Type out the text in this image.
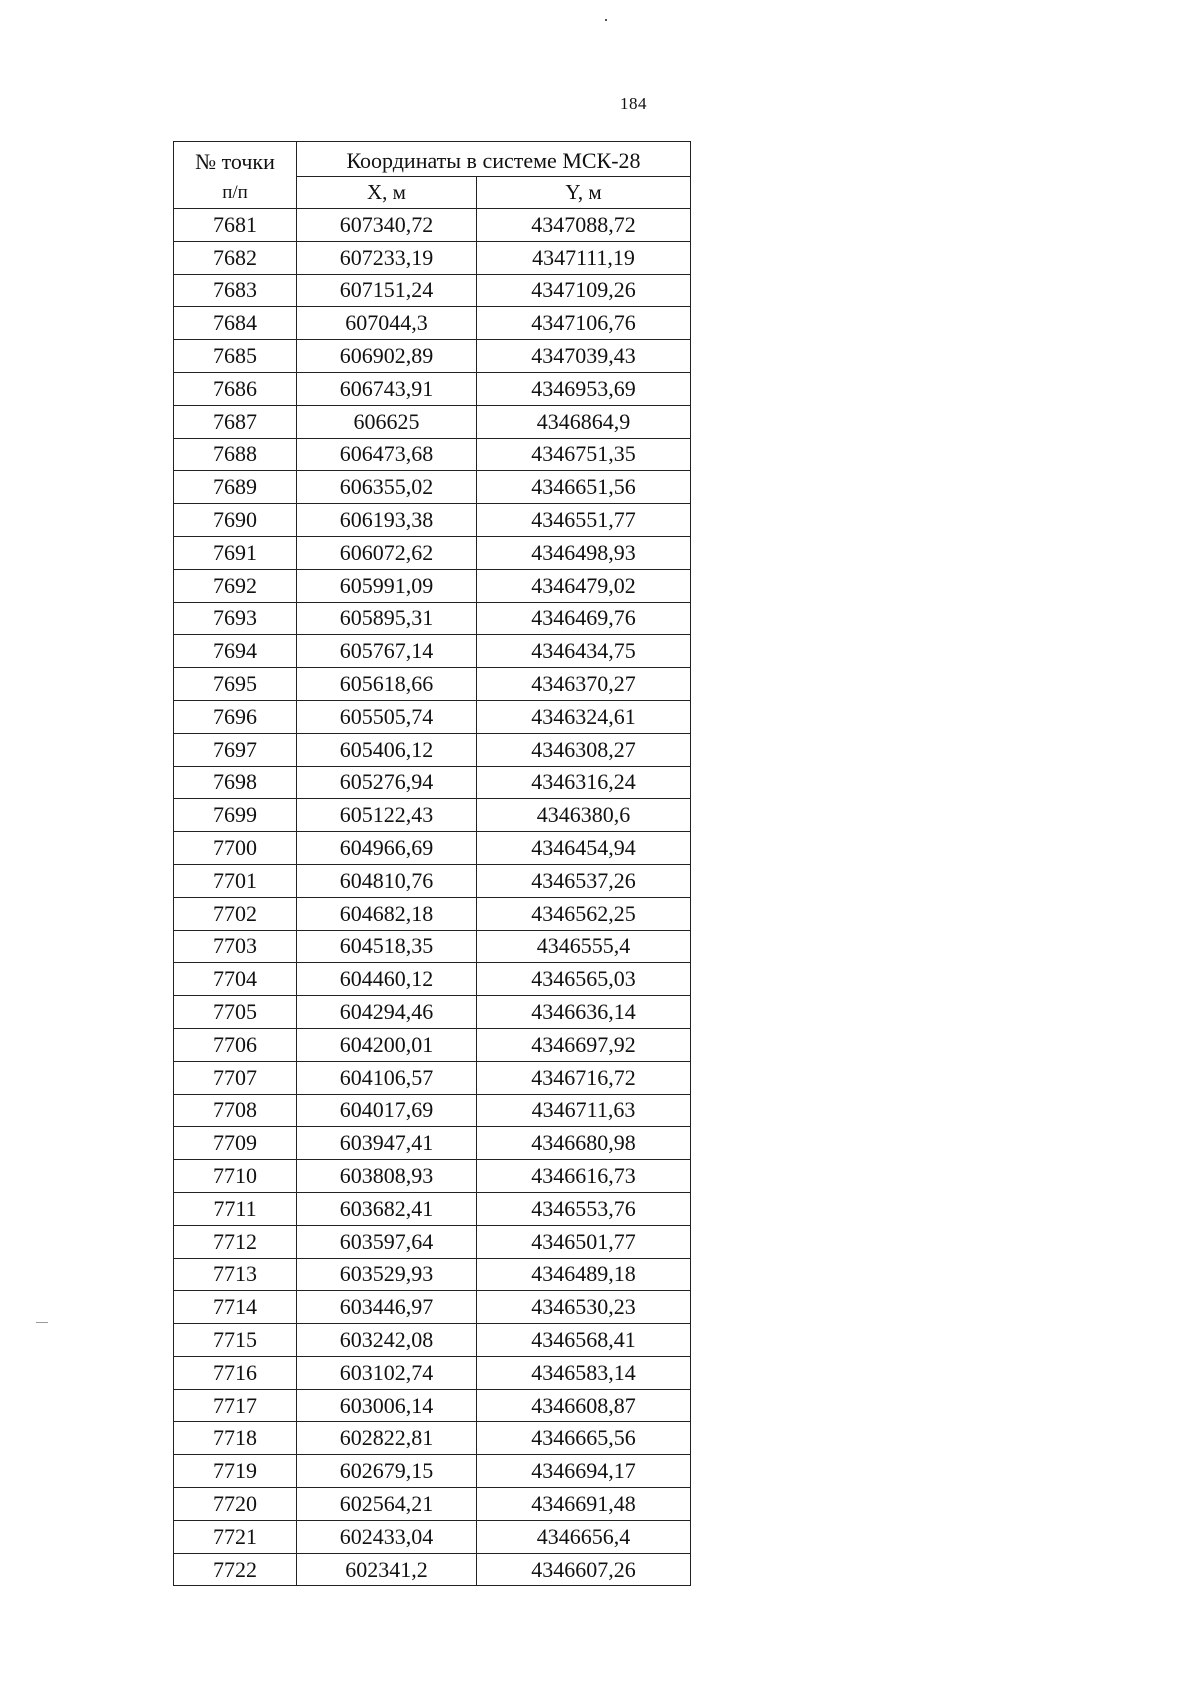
184
№ точки
п/п	Координаты в системе МСК-28	
	X, м	Y, м
7681	607340,72	4347088,72
7682	607233,19	4347111,19
7683	607151,24	4347109,26
7684	607044,3	4347106,76
7685	606902,89	4347039,43
7686	606743,91	4346953,69
7687	606625	4346864,9
7688	606473,68	4346751,35
7689	606355,02	4346651,56
7690	606193,38	4346551,77
7691	606072,62	4346498,93
7692	605991,09	4346479,02
7693	605895,31	4346469,76
7694	605767,14	4346434,75
7695	605618,66	4346370,27
7696	605505,74	4346324,61
7697	605406,12	4346308,27
7698	605276,94	4346316,24
7699	605122,43	4346380,6
7700	604966,69	4346454,94
7701	604810,76	4346537,26
7702	604682,18	4346562,25
7703	604518,35	4346555,4
7704	604460,12	4346565,03
7705	604294,46	4346636,14
7706	604200,01	4346697,92
7707	604106,57	4346716,72
7708	604017,69	4346711,63
7709	603947,41	4346680,98
7710	603808,93	4346616,73
7711	603682,41	4346553,76
7712	603597,64	4346501,77
7713	603529,93	4346489,18
7714	603446,97	4346530,23
7715	603242,08	4346568,41
7716	603102,74	4346583,14
7717	603006,14	4346608,87
7718	602822,81	4346665,56
7719	602679,15	4346694,17
7720	602564,21	4346691,48
7721	602433,04	4346656,4
7722	602341,2	4346607,26
